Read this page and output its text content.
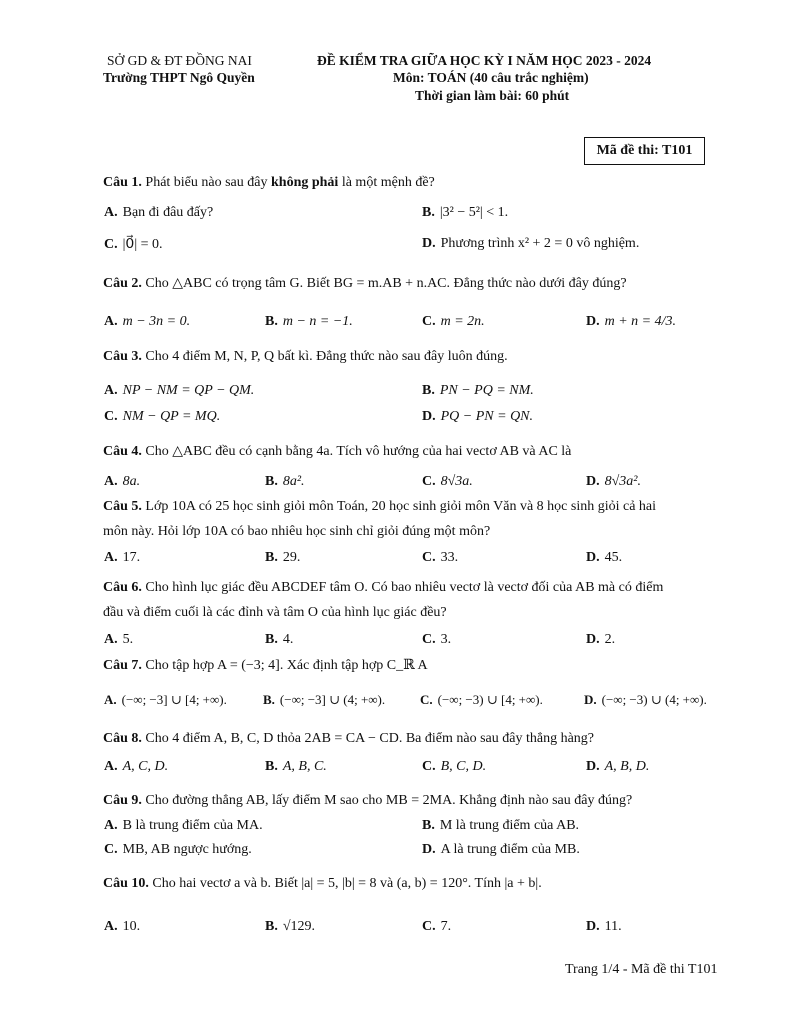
SỞ GD & ĐT ĐỒNG NAI
Trường THPT Ngô Quyền
ĐỀ KIỂM TRA GIỮA HỌC KỲ I NĂM HỌC 2023 - 2024
Môn: TOÁN (40 câu trắc nghiệm)
Thời gian làm bài: 60 phút
Mã đề thi: T101
Câu 1. Phát biểu nào sau đây không phải là một mệnh đề?
A. Bạn đi đâu đấy?	B. |3² − 5²| < 1.
C. |0⃗| = 0.	D. Phương trình x² + 2 = 0 vô nghiệm.
Câu 2. Cho △ABC có trọng tâm G. Biết BG = m.AB + n.AC. Đẳng thức nào dưới đây đúng?
A. m − 3n = 0.	B. m − n = −1.	C. m = 2n.	D. m + n = 4/3.
Câu 3. Cho 4 điểm M, N, P, Q bất kì. Đẳng thức nào sau đây luôn đúng.
A. NP − NM = QP − QM.	B. PN − PQ = NM.
C. NM − QP = MQ.	D. PQ − PN = QN.
Câu 4. Cho △ABC đều có cạnh bằng 4a. Tích vô hướng của hai vectơ AB và AC là
A. 8a.	B. 8a².	C. 8√3a.	D. 8√3a².
Câu 5. Lớp 10A có 25 học sinh giỏi môn Toán, 20 học sinh giỏi môn Văn và 8 học sinh giỏi cả hai
môn này. Hỏi lớp 10A có bao nhiêu học sinh chỉ giỏi đúng một môn?
A. 17.	B. 29.	C. 33.	D. 45.
Câu 6. Cho hình lục giác đều ABCDEF tâm O. Có bao nhiêu vectơ là vectơ đối của AB mà có điểm
đầu và điểm cuối là các đỉnh và tâm O của hình lục giác đều?
A. 5.	B. 4.	C. 3.	D. 2.
Câu 7. Cho tập hợp A = (−3; 4]. Xác định tập hợp C_ℝ A
A. (−∞; −3] ∪ [4; +∞).	B. (−∞; −3] ∪ (4; +∞).	C. (−∞; −3) ∪ [4; +∞).	D. (−∞; −3) ∪ (4; +∞).
Câu 8. Cho 4 điểm A, B, C, D thỏa 2AB = CA − CD. Ba điểm nào sau đây thẳng hàng?
A. A, C, D.	B. A, B, C.	C. B, C, D.	D. A, B, D.
Câu 9. Cho đường thẳng AB, lấy điểm M sao cho MB = 2MA. Khẳng định nào sau đây đúng?
A. B là trung điểm của MA.	B. M là trung điểm của AB.
C. MB, AB ngược hướng.	D. A là trung điểm của MB.
Câu 10. Cho hai vectơ a và b. Biết |a| = 5, |b| = 8 và (a, b) = 120°. Tính |a + b|.
A. 10.	B. √129.	C. 7.	D. 11.
Trang 1/4 - Mã đề thi T101
